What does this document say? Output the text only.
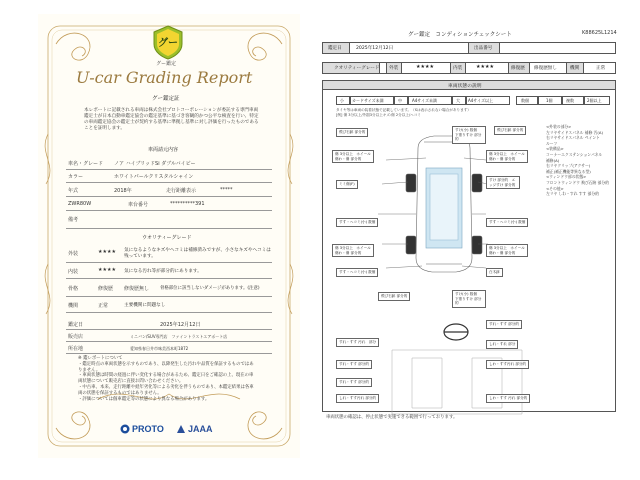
グー
グー鑑定
U-car Grading Report
グー鑑定証
本レポートに記載される車両は株式会社プロトコーポレーションが委託する専門車両鑑定士が日本自動車鑑定協会の鑑定基準に基づき客観的かつ公平な検査を行い、特定の車両鑑定協会の鑑定士が契約する基準に準拠し基準に対し評価を行ったものであることを証明します。
車両請元内容
車名・グレード ノア ハイブリッドSi ダブルバイビー
カラー	ホワイトパールクリスタルシャイン
年式	2018年	走行距離表示	*****
ZWR80W	車台番号	**********391
備考
ウオリティーグレード
外装	★★★★ 気になるようなキズやヘコミは補修済みですが、小さなキズやヘコミは残っています。
内装	★★★★ 気になる汚れ等が部分的にあります。
骨格	修復歴 修復歴無し 骨格部位に該当しないダメージがあります。(注意)
機関	正常	主要機関に問題なし
鑑定日	2025年12月12日
販売店	ミニバン/SUV専門店　ファイントラストエアポート店
所在地	愛知県春日井市味美西本町1872
※ 鑑レポートについて
・鑑定時点の車両状態を示すものであり、以降発生した汚れや品質を保証するものではありません。
・車両状態は時間の経過に伴い変化する場合があるため、鑑定日をご確認の上、現在の車両状態について販売店に直接お問い合わせください。
・中古車、本来、走行距離や経年劣化等による劣化を伴うものであり、本鑑定結果は各車両の状態を保証するものではありません。
・評価については個車鑑定等の状態により異なる場合があります。
PROTO	JAAA
K88625L1214
グー鑑定　コンディションチェックシート
鑑定日	2025年12月12日	出品番号
クオリティーグレード 外装	★★★★	内装	★★★★	修復歴 修復歴無し	機関	正常
車両状態の説明
小 カードサイズ未満	中	A4サイズ未満	大 A4サイズ以上	数個	1個	複数	2個以上
タイヤ等は車両の装着状態で記載しています。（Sは表示されない場合があります）
[例] 傷 3分以上/外損3分以上キズ:傷 2分以上/ヘコミ
飛び石跡 部分的	すけ(小) 数個　下塗りすけ 部分的
飛び石跡 部分的
傷 3分以上　ホイール傷わ・傷 部分的
傷 3分以上　ホイール傷わ・傷 部分的
ミミ傷(F)
すけ 部分的　エッジすけ 部分的
すす・ヘコミ(小) 数個	すす・ヘコミ(小) 数個
傷 3分以上　ホイール傷わ・傷 部分的
傷 3分以上　ホイール傷わ・傷 部分的
すす・ヘコミ(小) 数個
飛び石跡 部分的	すけ(小) 数個　下塗りすけ 部分的
白木跡
すれ・すす 部分的
すれ・すす 汚れ　部分	しれ・すれ 部分
すれ・すす 部分的	しわ・すす汚れ 部分的
すれ・すす 部分的
しれ・すす汚れ 部分的	しわ・すす 汚れ 部分的
<外装の部分>
左リヤサイドスパネル 補修 汚(A)
右リヤサイドスパネル ペイント
ルーフ
<装備品>
コーナーエクステンションパネル
補修(A)
右リヤクリップ(アクサー)
補正(補正機能等異なる型)
<ウィンドウ部の状態>
フロントウィンドウ 飛び石跡 部分的
<その他>
左リヤ しわ・すれ すす 部分的
車両状態の確認は、停止状態で実施できる範囲で行っております。
